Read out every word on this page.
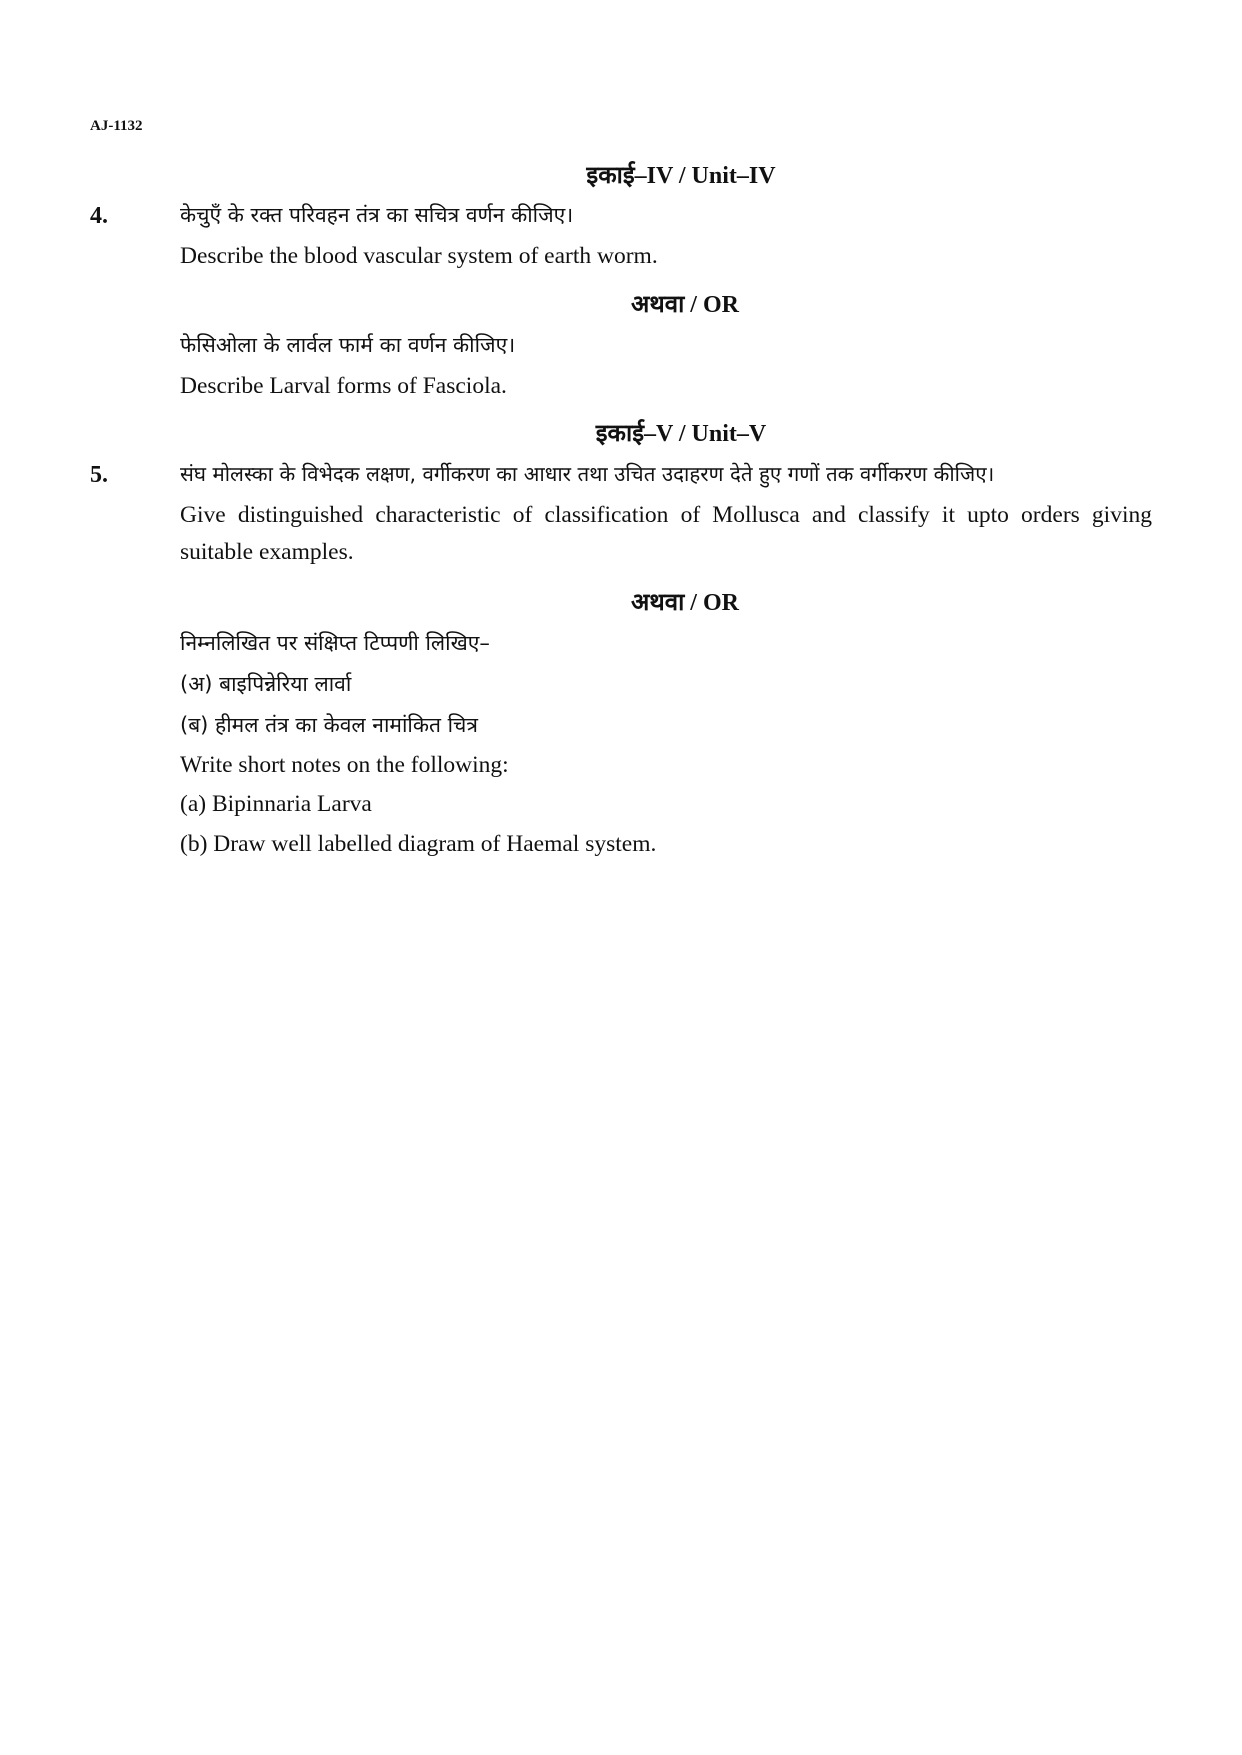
AJ-1132
इकाई–IV / Unit–IV
4.	केचुएँ के रक्त परिवहन तंत्र का सचित्र वर्णन कीजिए।
Describe the blood vascular system of earth worm.
अथवा / OR
फेसिओला के लार्वल फार्म का वर्णन कीजिए।
Describe Larval forms of Fasciola.
इकाई–V / Unit–V
5.	संघ मोलस्का के विभेदक लक्षण, वर्गीकरण का आधार तथा उचित उदाहरण देते हुए गणों तक वर्गीकरण कीजिए।
Give distinguished characteristic of classification of Mollusca and classify it upto orders giving suitable examples.
अथवा / OR
निम्नलिखित पर संक्षिप्त टिप्पणी लिखिए–
(अ) बाइपिन्नेरिया लार्वा
(ब) हीमल तंत्र का केवल नामांकित चित्र
Write short notes on the following:
(a) Bipinnaria Larva
(b) Draw well labelled diagram of Haemal system.
